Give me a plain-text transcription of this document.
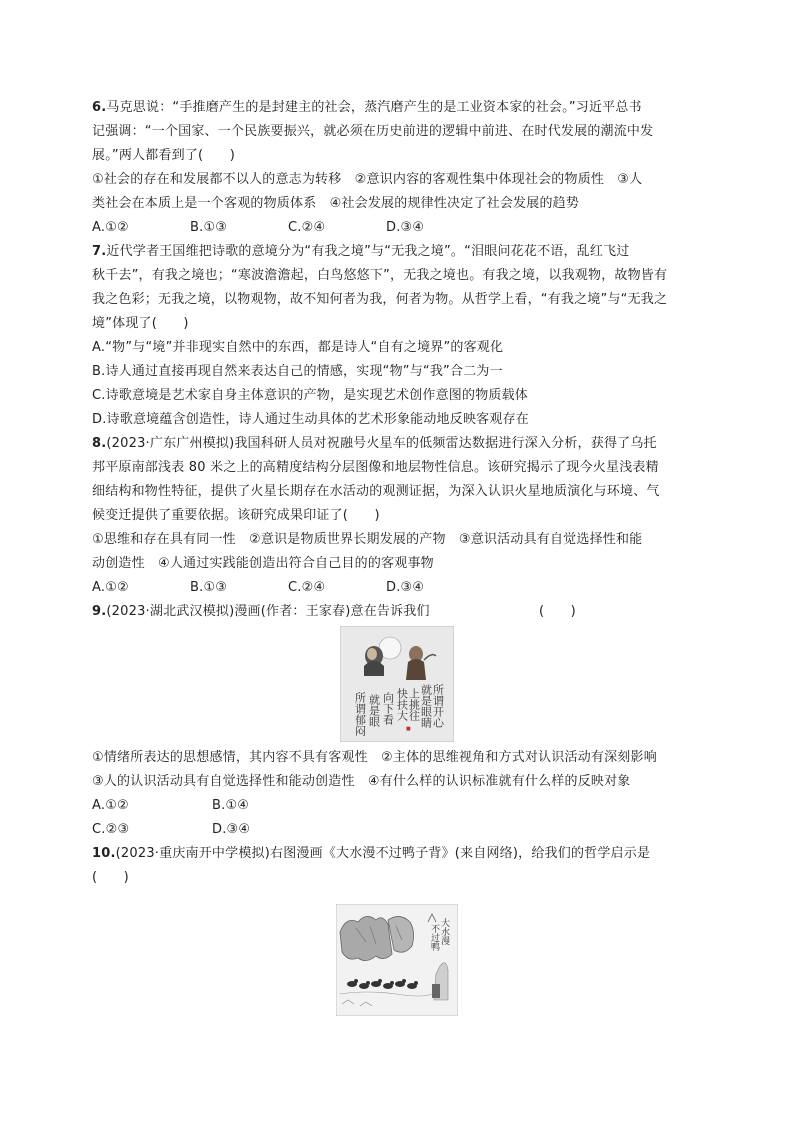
6.马克思说：“手推磨产生的是封建主的社会，蒸汽磨产生的是工业资本家的社会。”习近平总书
记强调：“一个国家、一个民族要振兴，就必须在历史前进的逻辑中前进、在时代发展的潮流中发
展。”两人都看到了(　　)
①社会的存在和发展都不以人的意志为转移　②意识内容的客观性集中体现社会的物质性　③人
类社会在本质上是一个客观的物质体系　④社会发展的规律性决定了社会发展的趋势
A.①②	B.①③	C.②④	D.③④
7.近代学者王国维把诗歌的意境分为“有我之境”与“无我之境”。“泪眼问花花不语，乱红飞过
秋千去”，有我之境也；“寒波澹澹起，白鸟悠悠下”，无我之境也。有我之境，以我观物，故物皆有
我之色彩；无我之境，以物观物，故不知何者为我，何者为物。从哲学上看，“有我之境”与“无我之
境”体现了(　　)
A.“物”与“境”并非现实自然中的东西，都是诗人“自有之境界”的客观化
B.诗人通过直接再现自然来表达自己的情感，实现“物”与“我”合二为一
C.诗歌意境是艺术家自身主体意识的产物，是实现艺术创作意图的物质载体
D.诗歌意境蕴含创造性，诗人通过生动具体的艺术形象能动地反映客观存在
8.(2023·广东广州模拟)我国科研人员对祝融号火星车的低频雷达数据进行深入分析，获得了乌托
邦平原南部浅表 80 米之上的高精度结构分层图像和地层物性信息。该研究揭示了现今火星浅表精
细结构和物性特征，提供了火星长期存在水活动的观测证据，为深入认识火星地质演化与环境、气
候变迁提供了重要依据。该研究成果印证了(　　)
①思维和存在具有同一性　②意识是物质世界长期发展的产物　③意识活动具有自觉选择性和能
动创造性　④人通过实践能创造出符合自己目的的客观事物
A.①②	B.①③	C.②④	D.③④
9.(2023·湖北武汉模拟)漫画(作者：王家春)意在告诉我们	(　　)
所谓开心
就是眼睛
上挑往
快扶大
向下看
就是眼
所谓郁闷	■
①情绪所表达的思想感情，其内容不具有客观性　②主体的思维视角和方式对认识活动有深刻影响
③人的认识活动具有自觉选择性和能动创造性　④有什么样的认识标准就有什么样的反映对象
A.①②	B.①④
C.②③	D.③④
10.(2023·重庆南开中学模拟)右图漫画《大水漫不过鸭子背》(来自网络)，给我们的哲学启示是
(　　)
大水漫
不过鸭
